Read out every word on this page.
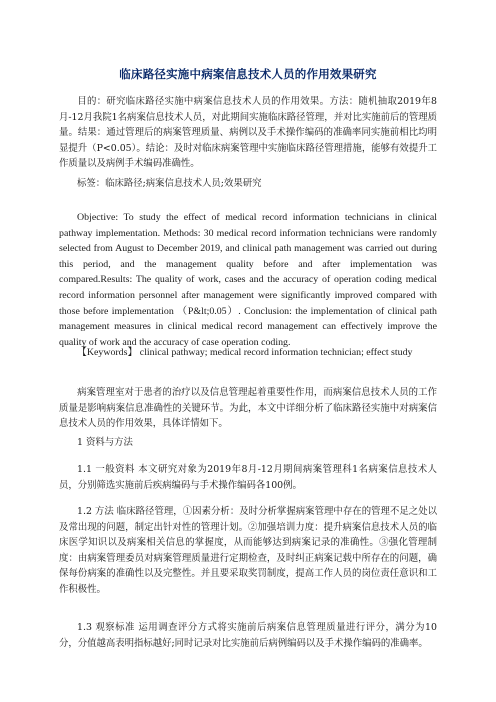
临床路径实施中病案信息技术人员的作用效果研究

目的：研究临床路径实施中病案信息技术人员的作用效果。方法：随机抽取2019年8月-12月我院1名病案信息技术人员，对此期间实施临床路径管理，并对比实施前后的管理质量。结果：通过管理后的病案管理质量、病例以及手术操作编码的准确率同实施前相比均明显提升（P<0.05）。结论：及时对临床病案管理中实施临床路径管理措施，能够有效提升工作质量以及病例手术编码准确性。

标签：临床路径;病案信息技术人员;效果研究

Objective: To study the effect of medical record information technicians in clinical pathway implementation. Methods: 30 medical record information technicians were randomly selected from August to December 2019, and clinical path management was carried out during this period, and the management quality before and after implementation was compared.Results: The quality of work, cases and the accuracy of operation coding medical record information personnel after management were significantly improved compared with those before implementation （P&lt;0.05）. Conclusion: the implementation of clinical path management measures in clinical medical record management can effectively improve the quality of work and the accuracy of case operation coding.

【Keywords】 clinical pathway; medical record information technician; effect study

病案管理室对于患者的治疗以及信息管理起着重要性作用，而病案信息技术人员的工作质量是影响病案信息准确性的关键环节。为此，本文中详细分析了临床路径实施中对病案信息技术人员的作用效果，具体详情如下。

1 资料与方法

1.1 一般资料 本文研究对象为2019年8月-12月期间病案管理科1名病案信息技术人员，分别筛选实施前后疾病编码与手术操作编码各100例。

1.2 方法 临床路径管理，①因素分析：及时分析掌握病案管理中存在的管理不足之处以及常出现的问题，制定出针对性的管理计划。②加强培训力度：提升病案信息技术人员的临床医学知识以及病案相关信息的掌握度，从而能够达到病案记录的准确性。③强化管理制度：由病案管理委员对病案管理质量进行定期检查，及时纠正病案记载中所存在的问题，确保每份病案的准确性以及完整性。并且要采取奖罚制度，提高工作人员的岗位责任意识和工作积极性。

1.3 观察标准 运用调查评分方式将实施前后病案信息管理质量进行评分，满分为10分，分值越高表明指标越好;同时记录对比实施前后病例编码以及手术操作编码的准确率。
